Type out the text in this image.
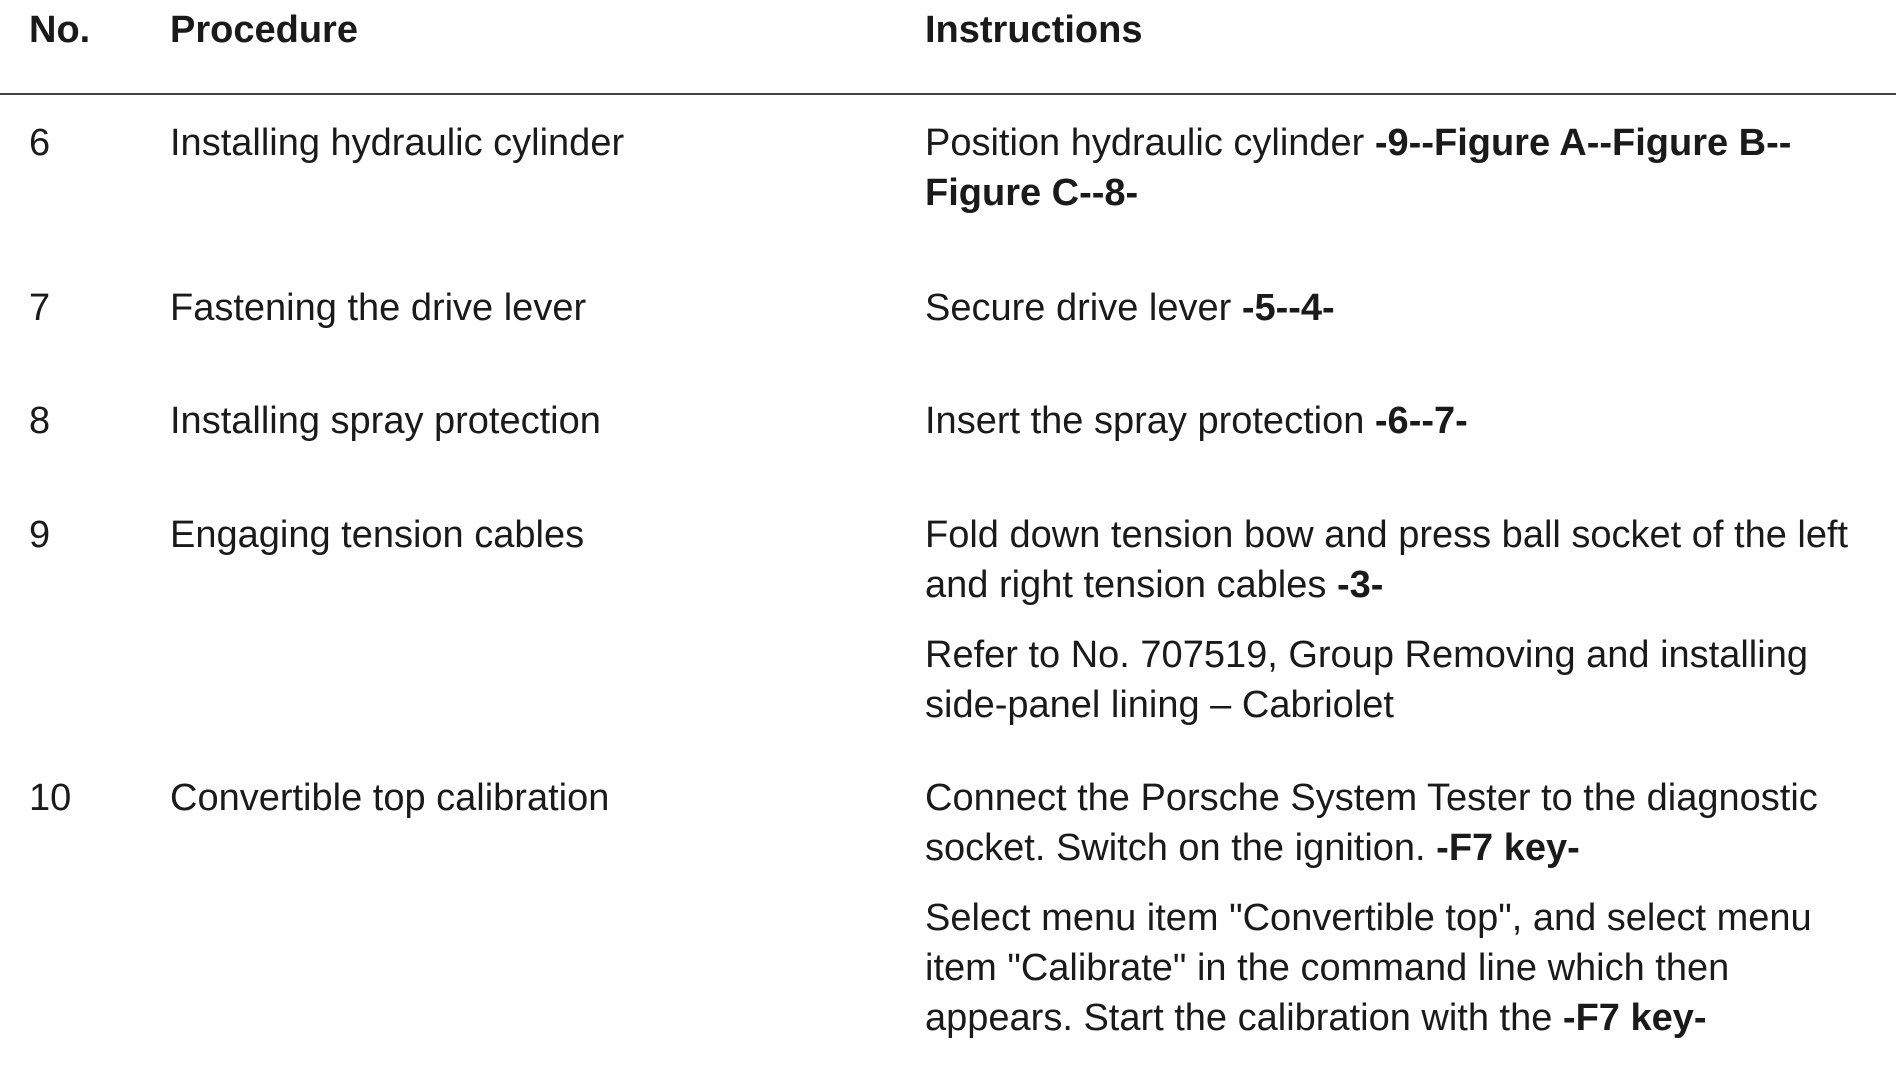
No. Procedure	Instructions
6	Installing hydraulic cylinder	Position hydraulic cylinder -9--Figure A--Figure B--Figure C--8-

7	Fastening the drive lever	Secure drive lever -5--4-

8	Installing spray protection	Insert the spray protection -6--7-

9	Engaging tension cables	Fold down tension bow and press ball socket of the left and right tension cables -3-

Refer to No. 707519, Group Removing and installing side-panel lining – Cabriolet

10	Convertible top calibration	Connect the Porsche System Tester to the diagnostic socket. Switch on the ignition. -F7 key-

Select menu item "Convertible top", and select menu item "Calibrate" in the command line which then appears. Start the calibration with the -F7 key-
